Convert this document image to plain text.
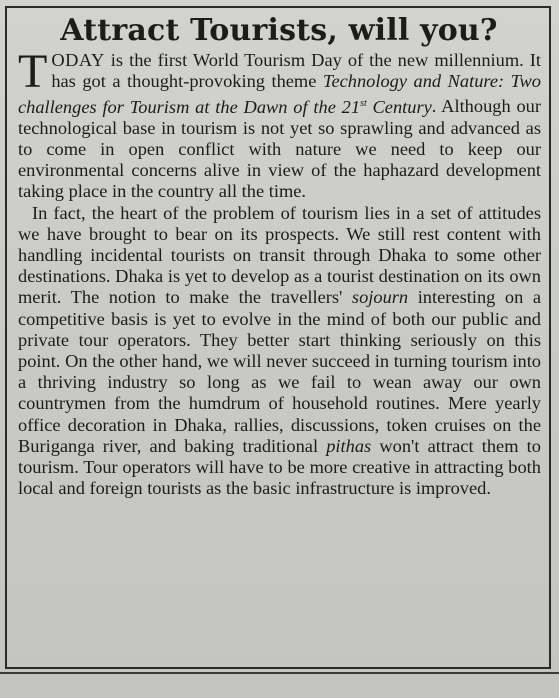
Attract Tourists, will you?

TODAY is the first World Tourism Day of the new millennium. It has got a thought-provoking theme Technology and Nature: Two challenges for Tourism at the Dawn of the 21st Century. Although our technological base in tourism is not yet so sprawling and advanced as to come in open conflict with nature we need to keep our environmental concerns alive in view of the haphazard development taking place in the country all the time.

In fact, the heart of the problem of tourism lies in a set of attitudes we have brought to bear on its prospects. We still rest content with handling incidental tourists on transit through Dhaka to some other destinations. Dhaka is yet to develop as a tourist destination on its own merit. The notion to make the travellers' sojourn interesting on a competitive basis is yet to evolve in the mind of both our public and private tour operators. They better start thinking seriously on this point. On the other hand, we will never succeed in turning tourism into a thriving industry so long as we fail to wean away our own countrymen from the humdrum of household routines. Mere yearly office decoration in Dhaka, rallies, discussions, token cruises on the Buriganga river, and baking traditional pithas won't attract them to tourism. Tour operators will have to be more creative in attracting both local and foreign tourists as the basic infrastructure is improved.
